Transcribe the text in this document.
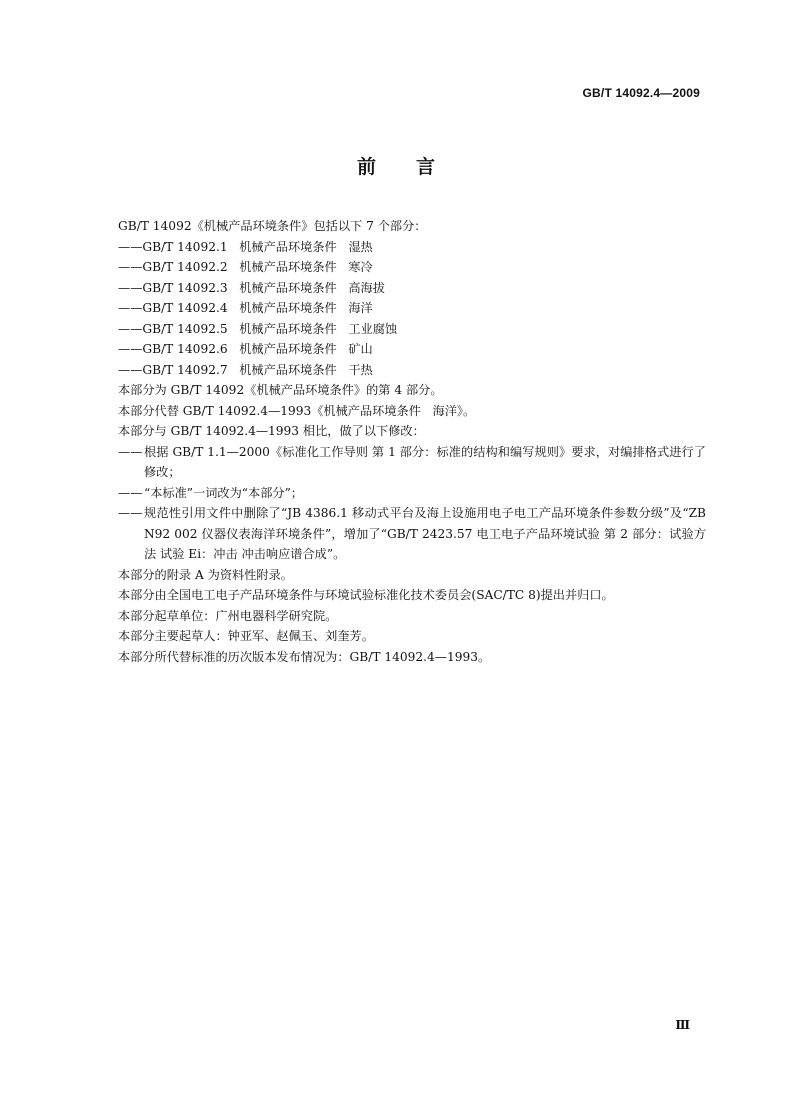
GB/T 14092.4—2009
前 言

GB/T 14092《机械产品环境条件》包括以下 7 个部分：

——GB/T 14092.1   机械产品环境条件   湿热

——GB/T 14092.2   机械产品环境条件   寒冷

——GB/T 14092.3   机械产品环境条件   高海拔

——GB/T 14092.4   机械产品环境条件   海洋

——GB/T 14092.5   机械产品环境条件   工业腐蚀

——GB/T 14092.6   机械产品环境条件   矿山

——GB/T 14092.7   机械产品环境条件   干热

本部分为 GB/T 14092《机械产品环境条件》的第 4 部分。

本部分代替 GB/T 14092.4—1993《机械产品环境条件   海洋》。

本部分与 GB/T 14092.4—1993 相比，做了以下修改：

—— 根据 GB/T 1.1—2000《标准化工作导则 第 1 部分：标准的结构和编写规则》要求，对编排格式进行了修改；
—— “本标准”一词改为“本部分”；
—— 规范性引用文件中删除了“JB 4386.1 移动式平台及海上设施用电子电工产品环境条件参数分级”及“ZB N92 002 仪器仪表海洋环境条件”，增加了“GB/T 2423.57 电工电子产品环境试验 第 2 部分：试验方法 试验 Ei：冲击 冲击响应谱合成”。

本部分的附录 A 为资料性附录。

本部分由全国电工电子产品环境条件与环境试验标准化技术委员会(SAC/TC 8)提出并归口。

本部分起草单位：广州电器科学研究院。

本部分主要起草人：钟亚军、赵佩玉、刘奎芳。

本部分所代替标准的历次版本发布情况为：GB/T 14092.4—1993。

Ⅲ
